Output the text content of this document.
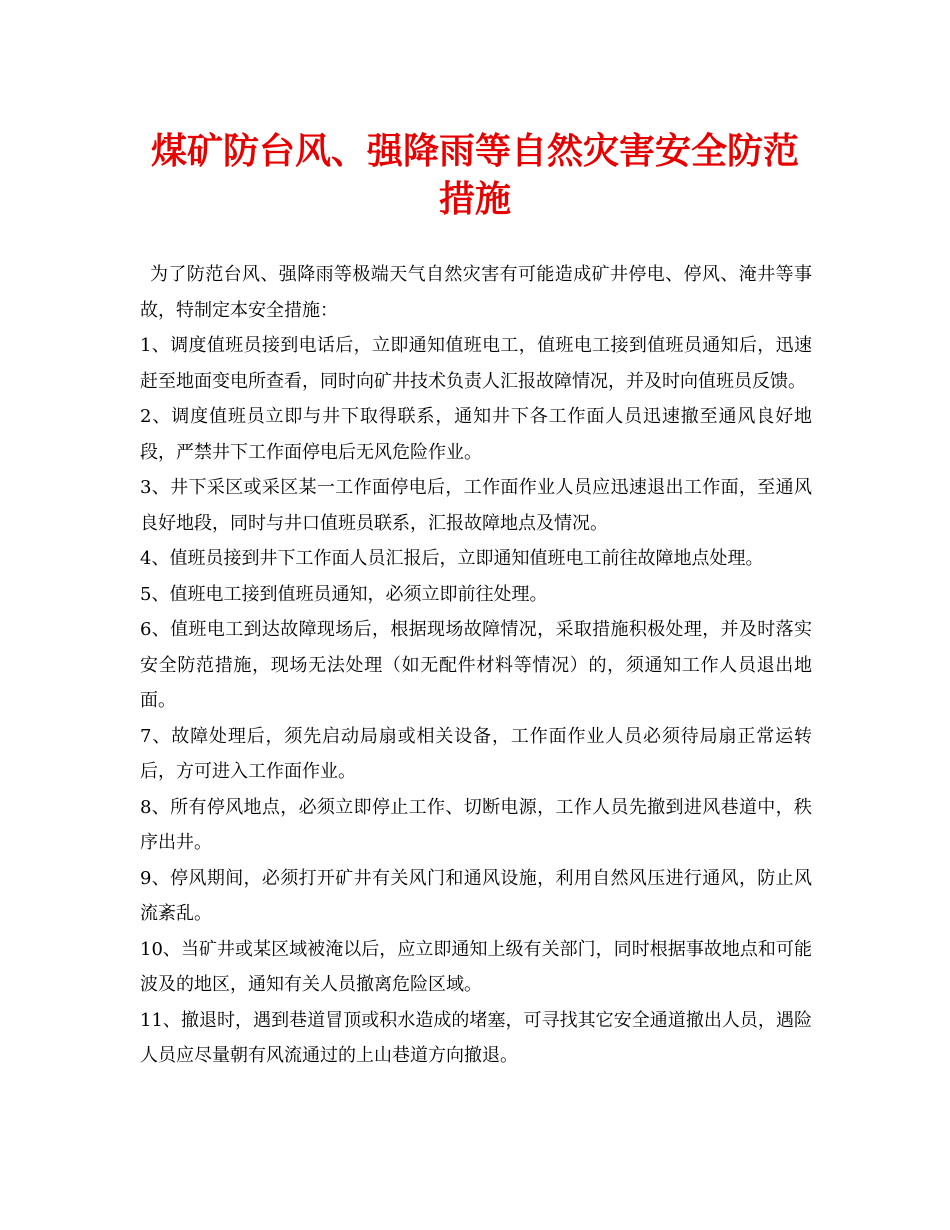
煤矿防台风、强降雨等自然灾害安全防范措施

为了防范台风、强降雨等极端天气自然灾害有可能造成矿井停电、停风、淹井等事故，特制定本安全措施：

1、调度值班员接到电话后，立即通知值班电工，值班电工接到值班员通知后，迅速赶至地面变电所查看，同时向矿井技术负责人汇报故障情况，并及时向值班员反馈。

2、调度值班员立即与井下取得联系，通知井下各工作面人员迅速撤至通风良好地段，严禁井下工作面停电后无风危险作业。

3、井下采区或采区某一工作面停电后，工作面作业人员应迅速退出工作面，至通风良好地段，同时与井口值班员联系，汇报故障地点及情况。

4、值班员接到井下工作面人员汇报后，立即通知值班电工前往故障地点处理。

5、值班电工接到值班员通知，必须立即前往处理。

6、值班电工到达故障现场后，根据现场故障情况，采取措施积极处理，并及时落实安全防范措施，现场无法处理（如无配件材料等情况）的，须通知工作人员退出地面。

7、故障处理后，须先启动局扇或相关设备，工作面作业人员必须待局扇正常运转后，方可进入工作面作业。

8、所有停风地点，必须立即停止工作、切断电源，工作人员先撤到进风巷道中，秩序出井。

9、停风期间，必须打开矿井有关风门和通风设施，利用自然风压进行通风，防止风流紊乱。

10、当矿井或某区域被淹以后，应立即通知上级有关部门，同时根据事故地点和可能波及的地区，通知有关人员撤离危险区域。

11、撤退时，遇到巷道冒顶或积水造成的堵塞，可寻找其它安全通道撤出人员，遇险人员应尽量朝有风流通过的上山巷道方向撤退。
